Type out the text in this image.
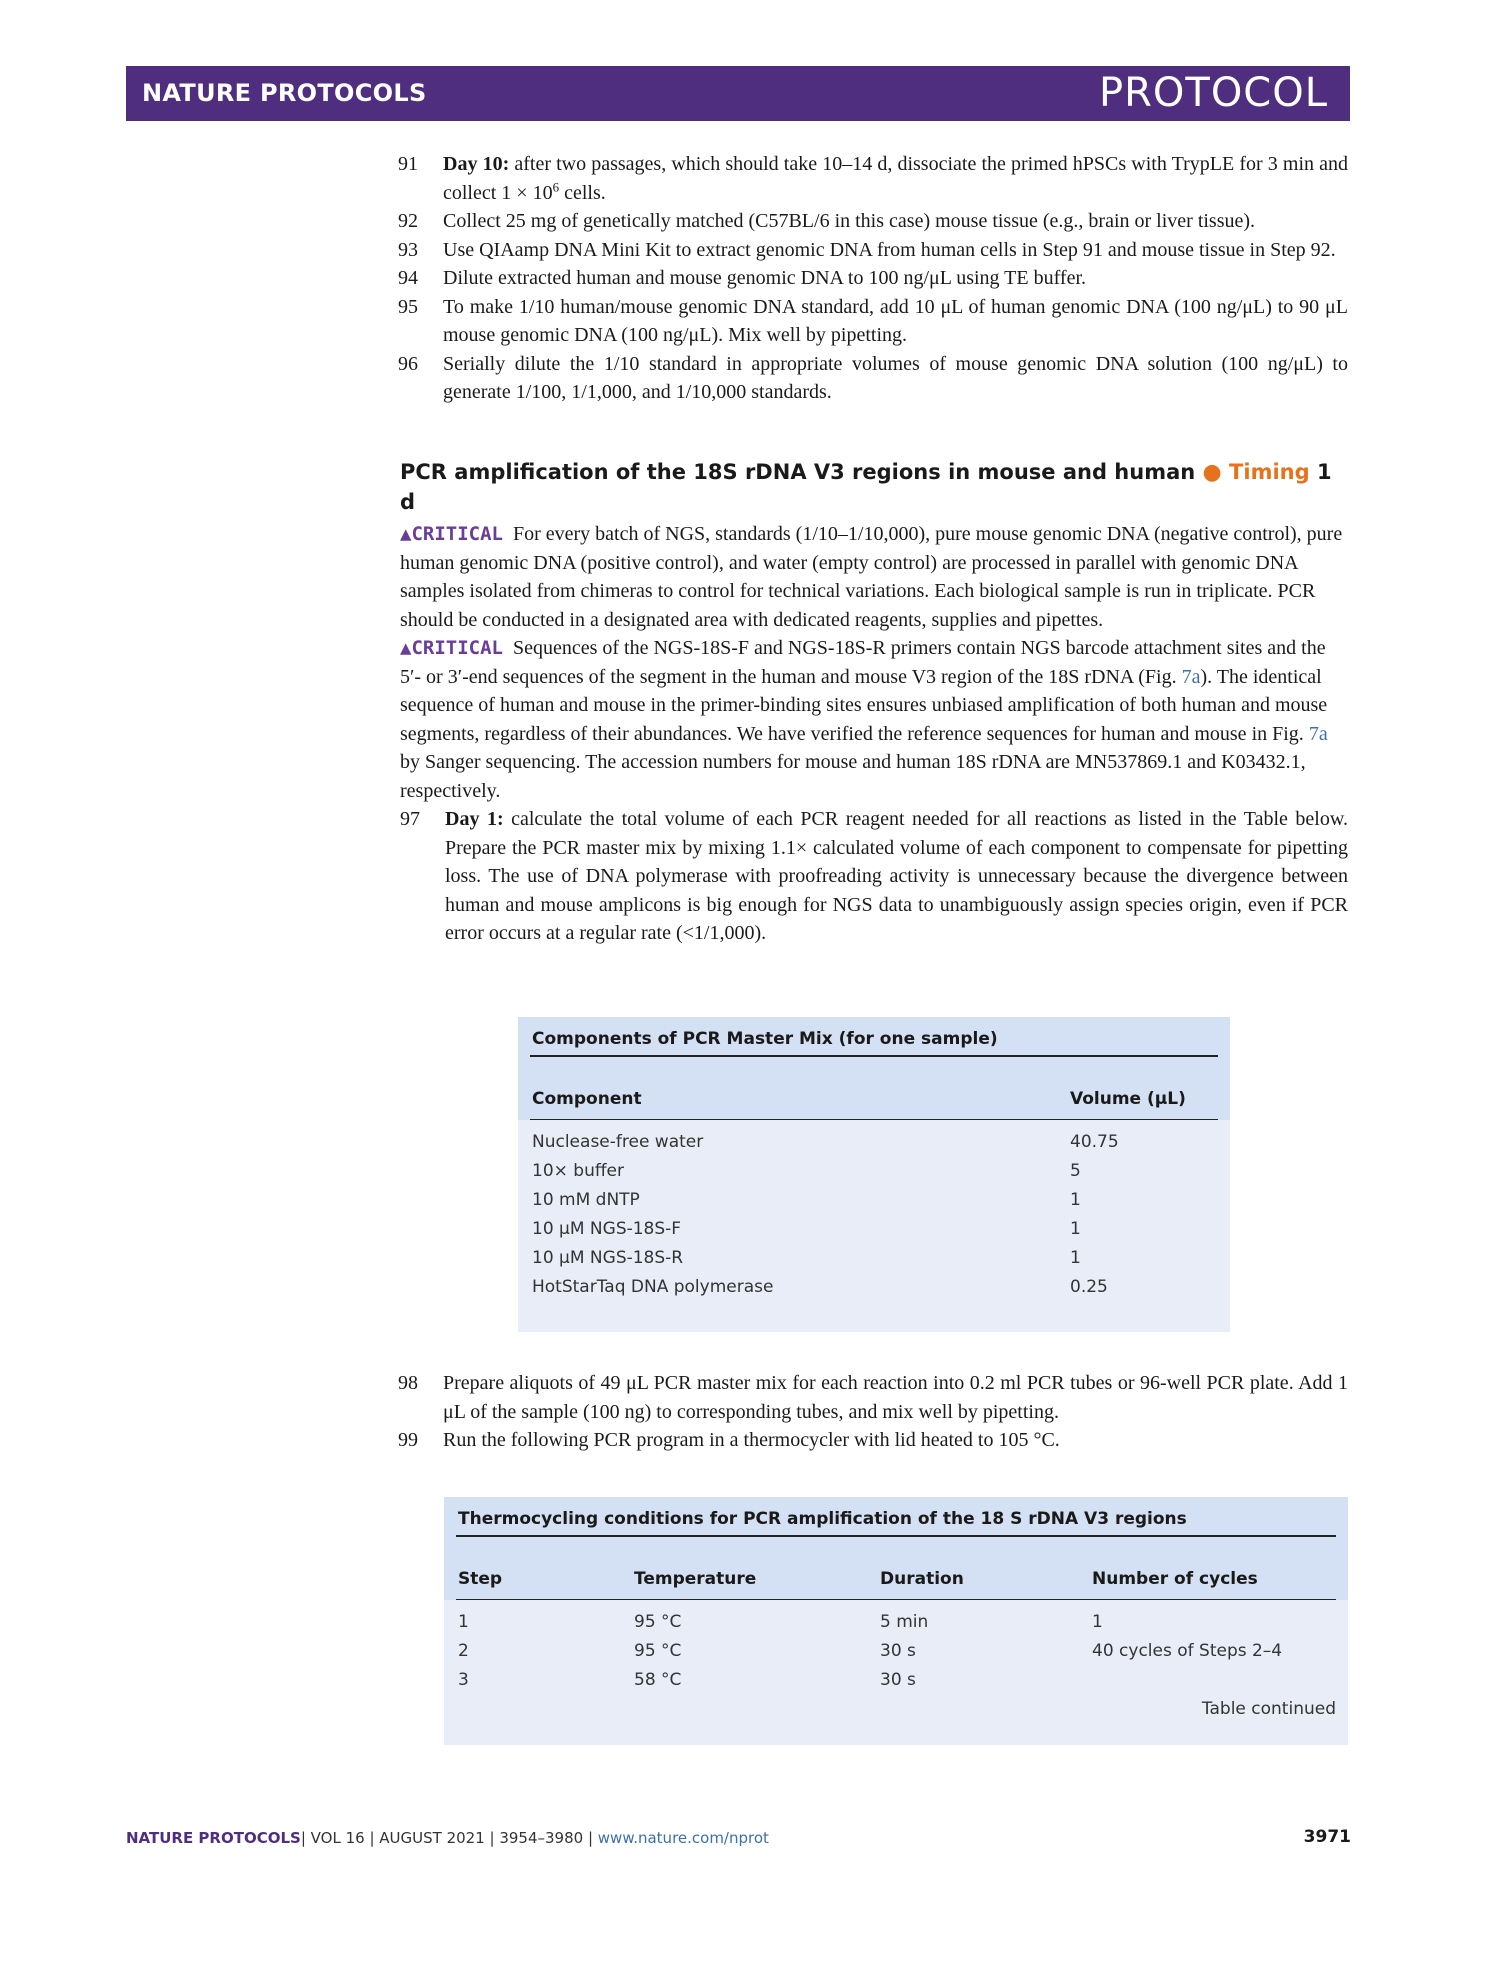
NATURE PROTOCOLS	PROTOCOL
91	Day 10: after two passages, which should take 10–14 d, dissociate the primed hPSCs with TrypLE for 3 min and collect $1 \times 10^6$ cells.
92	Collect 25 mg of genetically matched (C57BL/6 in this case) mouse tissue (e.g., brain or liver tissue).
93	Use QIAamp DNA Mini Kit to extract genomic DNA from human cells in Step 91 and mouse tissue in Step 92.
94	Dilute extracted human and mouse genomic DNA to 100 ng/μL using TE buffer.
95	To make 1/10 human/mouse genomic DNA standard, add 10 μL of human genomic DNA (100 ng/μL) to 90 μL mouse genomic DNA (100 ng/μL). Mix well by pipetting.
96	Serially dilute the 1/10 standard in appropriate volumes of mouse genomic DNA solution (100 ng/μL) to generate 1/100, 1/1,000, and 1/10,000 standards.
PCR amplification of the 18S rDNA V3 regions in mouse and human ● Timing 1 d
▲CRITICAL For every batch of NGS, standards (1/10–1/10,000), pure mouse genomic DNA (negative control), pure human genomic DNA (positive control), and water (empty control) are processed in parallel with genomic DNA samples isolated from chimeras to control for technical variations. Each biological sample is run in triplicate. PCR should be conducted in a designated area with dedicated reagents, supplies and pipettes.
▲CRITICAL Sequences of the NGS-18S-F and NGS-18S-R primers contain NGS barcode attachment sites and the 5′- or 3′-end sequences of the segment in the human and mouse V3 region of the 18S rDNA (Fig. 7a). The identical sequence of human and mouse in the primer-binding sites ensures unbiased amplification of both human and mouse segments, regardless of their abundances. We have verified the reference sequences for human and mouse in Fig. 7a by Sanger sequencing. The accession numbers for mouse and human 18S rDNA are MN537869.1 and K03432.1, respectively.
97	Day 1: calculate the total volume of each PCR reagent needed for all reactions as listed in the Table below. Prepare the PCR master mix by mixing 1.1× calculated volume of each component to compensate for pipetting loss. The use of DNA polymerase with proofreading activity is unnecessary because the divergence between human and mouse amplicons is big enough for NGS data to unambiguously assign species origin, even if PCR error occurs at a regular rate (<1/1,000).
Components of PCR Master Mix (for one sample)
Component	Volume (μL)
Nuclease-free water	40.75
10× buffer	5
10 mM dNTP	1
10 μM NGS-18S-F	1
10 μM NGS-18S-R	1
HotStarTaq DNA polymerase	0.25
98	Prepare aliquots of 49 μL PCR master mix for each reaction into 0.2 ml PCR tubes or 96-well PCR plate. Add 1 μL of the sample (100 ng) to corresponding tubes, and mix well by pipetting.
99	Run the following PCR program in a thermocycler with lid heated to 105 °C.
Thermocycling conditions for PCR amplification of the 18 S rDNA V3 regions
Step	Temperature	Duration	Number of cycles
1	95 °C	5 min	1
2	95 °C	30 s	40 cycles of Steps 2–4
3	58 °C	30 s
Table continued
NATURE PROTOCOLS| VOL 16 | AUGUST 2021 | 3954–3980 | www.nature.com/nprot	3971
